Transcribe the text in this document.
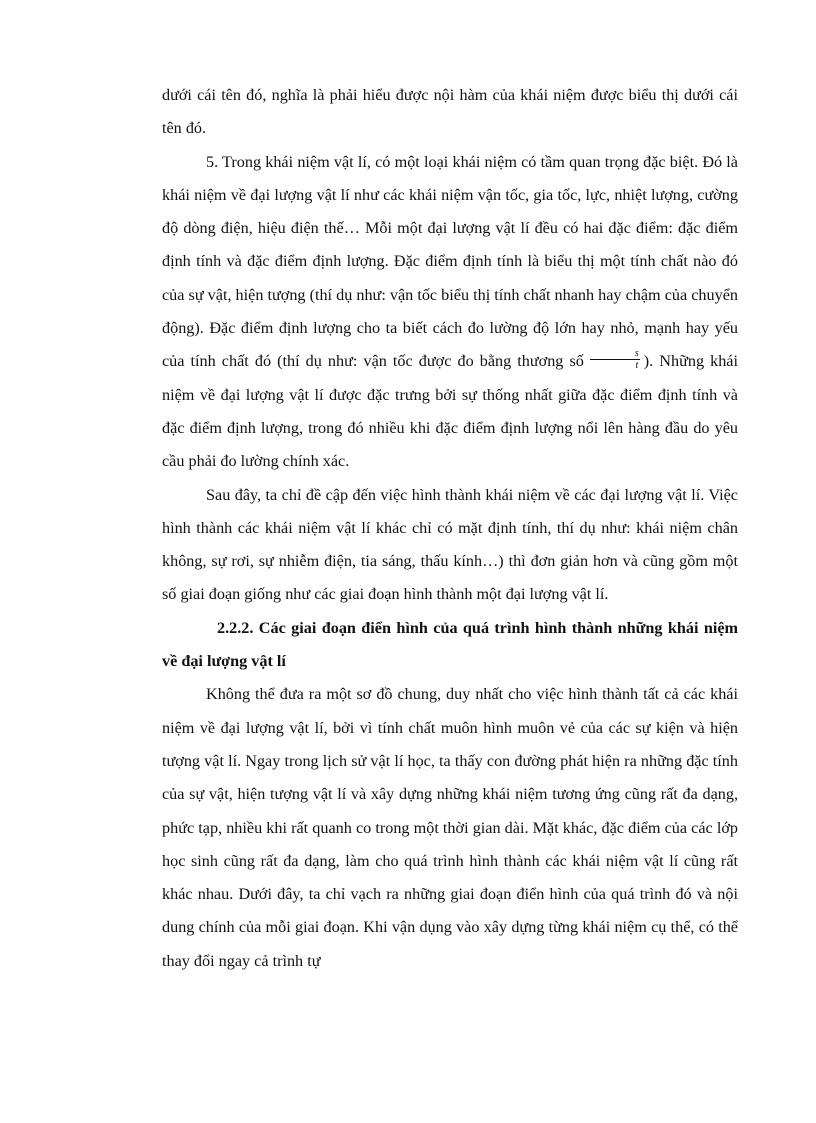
dưới cái tên đó, nghĩa là phải hiểu được nội hàm của khái niệm được biểu thị dưới cái tên đó.

5. Trong khái niệm vật lí, có một loại khái niệm có tầm quan trọng đặc biệt. Đó là khái niệm về đại lượng vật lí như các khái niệm vận tốc, gia tốc, lực, nhiệt lượng, cường độ dòng điện, hiệu điện thế… Mỗi một đại lượng vật lí đều có hai đặc điểm: đặc điểm định tính và đặc điểm định lượng. Đặc điểm định tính là biểu thị một tính chất nào đó của sự vật, hiện tượng (thí dụ như: vận tốc biểu thị tính chất nhanh hay chậm của chuyển động). Đặc điểm định lượng cho ta biết cách đo lường độ lớn hay nhỏ, mạnh hay yếu của tính chất đó (thí dụ như: vận tốc được đo bằng thương số $\frac{s}{t}$ ). Những khái niệm về đại lượng vật lí được đặc trưng bởi sự thống nhất giữa đặc điểm định tính và đặc điểm định lượng, trong đó nhiều khi đặc điểm định lượng nổi lên hàng đầu do yêu cầu phải đo lường chính xác.

Sau đây, ta chỉ đề cập đến việc hình thành khái niệm về các đại lượng vật lí. Việc hình thành các khái niệm vật lí khác chỉ có mặt định tính, thí dụ như: khái niệm chân không, sự rơi, sự nhiễm điện, tia sáng, thấu kính…) thì đơn giản hơn và cũng gồm một số giai đoạn giống như các giai đoạn hình thành một đại lượng vật lí.

2.2.2. Các giai đoạn điển hình của quá trình hình thành những khái niệm về đại lượng vật lí

Không thể đưa ra một sơ đồ chung, duy nhất cho việc hình thành tất cả các khái niệm về đại lượng vật lí, bởi vì tính chất muôn hình muôn vẻ của các sự kiện và hiện tượng vật lí. Ngay trong lịch sử vật lí học, ta thấy con đường phát hiện ra những đặc tính của sự vật, hiện tượng vật lí và xây dựng những khái niệm tương ứng cũng rất đa dạng, phức tạp, nhiều khi rất quanh co trong một thời gian dài. Mặt khác, đặc điểm của các lớp học sinh cũng rất đa dạng, làm cho quá trình hình thành các khái niệm vật lí cũng rất khác nhau. Dưới đây, ta chỉ vạch ra những giai đoạn điển hình của quá trình đó và nội dung chính của mỗi giai đoạn. Khi vận dụng vào xây dựng từng khái niệm cụ thể, có thể thay đổi ngay cả trình tự
